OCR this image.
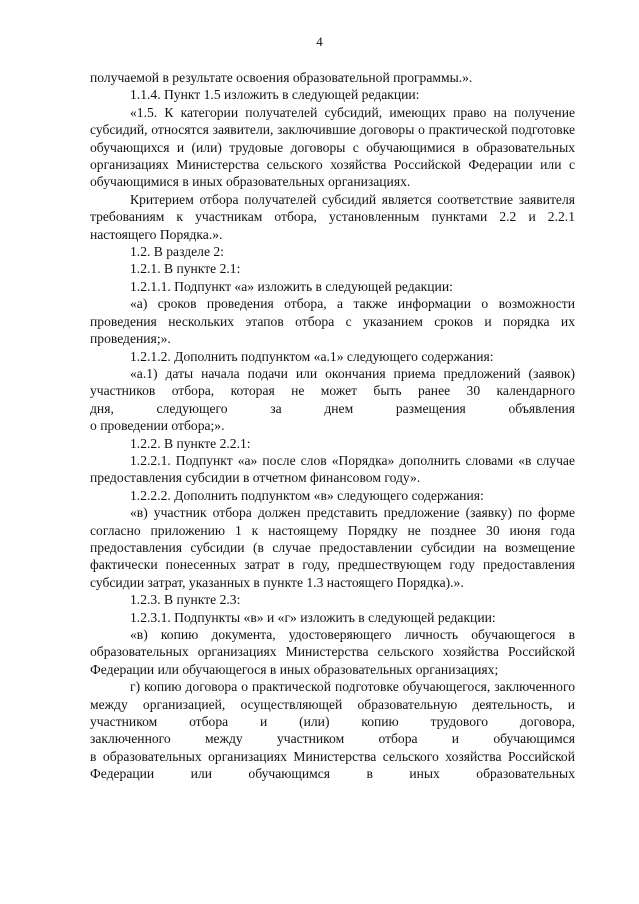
4

получаемой в результате освоения образовательной программы.».

1.1.4. Пункт 1.5 изложить в следующей редакции:

«1.5. К категории получателей субсидий, имеющих право на получение субсидий, относятся заявители, заключившие договоры о практической подготовке обучающихся и (или) трудовые договоры с обучающимися в образовательных организациях Министерства сельского хозяйства Российской Федерации или с обучающимися в иных образовательных организациях.

Критерием отбора получателей субсидий является соответствие заявителя требованиям к участникам отбора, установленным пунктами 2.2 и 2.2.1 настоящего Порядка.».

1.2. В разделе 2:

1.2.1. В пункте 2.1:

1.2.1.1. Подпункт «а» изложить в следующей редакции:

«а) сроков проведения отбора, а также информации о возможности проведения нескольких этапов отбора с указанием сроков и порядка их проведения;».

1.2.1.2. Дополнить подпунктом «а.1» следующего содержания:

«а.1) даты начала подачи или окончания приема предложений (заявок) участников отбора, которая не может быть ранее 30 календарного

дня, следующего за днем размещения объявления

о проведении отбора;».

1.2.2. В пункте 2.2.1:

1.2.2.1. Подпункт «а» после слов «Порядка» дополнить словами «в случае предоставления субсидии в отчетном финансовом году».

1.2.2.2. Дополнить подпунктом «в» следующего содержания:

«в) участник отбора должен представить предложение (заявку) по форме согласно приложению 1 к настоящему Порядку не позднее 30 июня года предоставления субсидии (в случае предоставлении субсидии на возмещение фактически понесенных затрат в году, предшествующем году предоставления субсидии затрат, указанных в пункте 1.3 настоящего Порядка).».

1.2.3. В пункте 2.3:

1.2.3.1. Подпункты «в» и «г» изложить в следующей редакции:

«в) копию документа, удостоверяющего личность обучающегося в образовательных организациях Министерства сельского хозяйства Российской Федерации или обучающегося в иных образовательных организациях;

г) копию договора о практической подготовке обучающегося, заключенного между организацией, осуществляющей образовательную деятельность, и участником отбора и (или) копию трудового договора,

заключенного между участником отбора и обучающимся

в образовательных организациях Министерства сельского хозяйства Российской Федерации или обучающимся в иных образовательных
